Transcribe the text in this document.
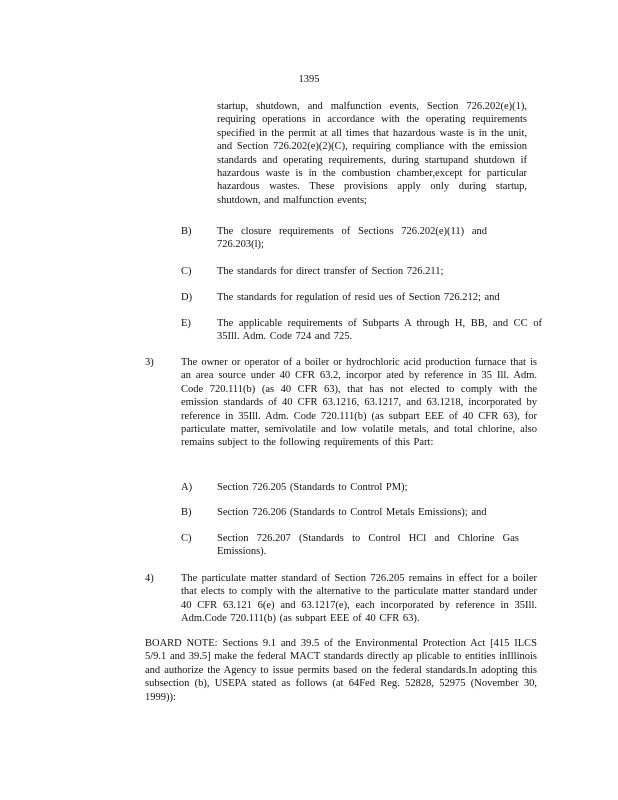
1395
startup, shutdown, and malfunction events, Section 726.202(e)(1), requiring operations in accordance with the operating requirements specified in the permit at all times that hazardous waste is in the unit, and Section 726.202(e)(2)(C), requiring compliance with the emission standards and operating requirements, during startupand shutdown if hazardous waste is in the combustion chamber,except for particular hazardous wastes. These provisions apply only during startup, shutdown, and malfunction events;
B) The closure requirements of Sections 726.202(e)(11) and 726.203(l);
C) The standards for direct transfer of Section 726.211;
D) The standards for regulation of resid ues of Section 726.212; and
E) The applicable requirements of Subparts A through H, BB, and CC of 35Ill. Adm. Code 724 and 725.
3)	The owner or operator of a boiler or hydrochloric acid production furnace that is an area source under 40 CFR 63.2, incorpor ated by reference in 35 Ill. Adm. Code 720.111(b) (as 40 CFR 63), that has not elected to comply with the emission standards of 40 CFR 63.1216, 63.1217, and 63.1218, incorporated by reference in 35Ill. Adm. Code 720.111(b) (as subpart EEE of 40 CFR 63), for particulate matter, semivolatile and low volatile metals, and total chlorine, also remains subject to the following requirements of this Part:
A) Section 726.205 (Standards to Control PM);
B) Section 726.206 (Standards to Control Metals Emissions); and
C) Section 726.207 (Standards to Control HCl and Chlorine Gas Emissions).
4)	The particulate matter standard of Section 726.205 remains in effect for a boiler that elects to comply with the alternative to the particulate matter standard under 40 CFR 63.121 6(e) and 63.1217(e), each incorporated by reference in 35Ill. Adm.Code 720.111(b) (as subpart EEE of 40 CFR 63).
BOARD NOTE: Sections 9.1 and 39.5 of the Environmental Protection Act [415 ILCS 5/9.1 and 39.5] make the federal MACT standards directly ap plicable to entities inIllinois and authorize the Agency to issue permits based on the federal standards.In adopting this subsection (b), USEPA stated as follows (at 64Fed Reg. 52828, 52975 (November 30, 1999)):
